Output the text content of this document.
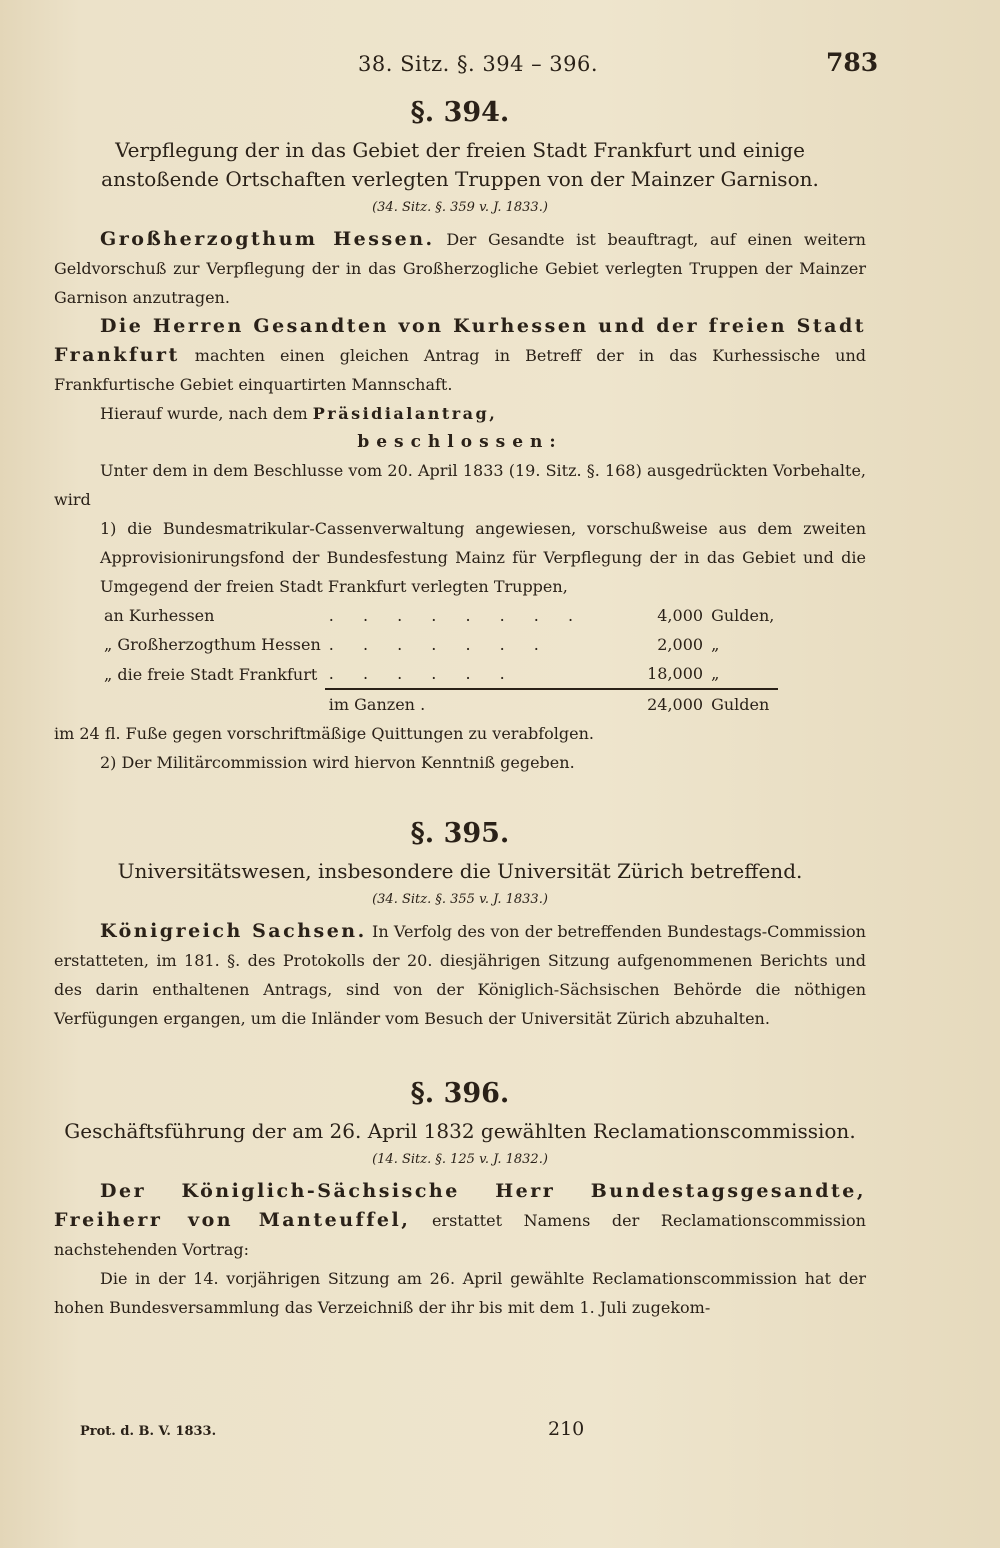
38. Sitz. §. 394 – 396.	783
§. 394.
Verpflegung der in das Gebiet der freien Stadt Frankfurt und einige anstoßende Ortschaften verlegten Truppen von der Mainzer Garnison.
(34. Sitz. §. 359 v. J. 1833.)

Großherzogthum Hessen. Der Gesandte ist beauftragt, auf einen weitern Geldvorschuß zur Verpflegung der in das Großherzogliche Gebiet verlegten Truppen der Mainzer Garnison anzutragen.

Die Herren Gesandten von Kurhessen und der freien Stadt Frankfurt machten einen gleichen Antrag in Betreff der in das Kurhessische und Frankfurtische Gebiet einquartirten Mannschaft.

Hierauf wurde, nach dem Präsidialantrag,

beschlossen:

Unter dem in dem Beschlusse vom 20. April 1833 (19. Sitz. §. 168) ausgedrückten Vorbehalte, wird

1) die Bundesmatrikular-Cassenverwaltung angewiesen, vorschußweise aus dem zweiten Approvisionirungsfond der Bundesfestung Mainz für Verpflegung der in das Gebiet und die Umgegend der freien Stadt Frankfurt verlegten Truppen,

an Kurhessen	. . . . . . . .	4,000	Gulden,
„ Großherzogthum Hessen	. . . . . . .	2,000	„
„ die freie Stadt Frankfurt	. . . . . .	18,000	„
	im Ganzen .	24,000	Gulden

im 24 fl. Fuße gegen vorschriftmäßige Quittungen zu verabfolgen.

2) Der Militärcommission wird hiervon Kenntniß gegeben.

§. 395.
Universitätswesen, insbesondere die Universität Zürich betreffend.
(34. Sitz. §. 355 v. J. 1833.)

Königreich Sachsen. In Verfolg des von der betreffenden Bundestags-Commission erstatteten, im 181. §. des Protokolls der 20. diesjährigen Sitzung aufgenommenen Berichts und des darin enthaltenen Antrags, sind von der Königlich-Sächsischen Behörde die nöthigen Verfügungen ergangen, um die Inländer vom Besuch der Universität Zürich abzuhalten.

§. 396.
Geschäftsführung der am 26. April 1832 gewählten Reclamationscommission.
(14. Sitz. §. 125 v. J. 1832.)

Der Königlich-Sächsische Herr Bundestagsgesandte, Freiherr von Manteuffel, erstattet Namens der Reclamationscommission nachstehenden Vortrag:

Die in der 14. vorjährigen Sitzung am 26. April gewählte Reclamationscommission hat der hohen Bundesversammlung das Verzeichniß der ihr bis mit dem 1. Juli zugekom-

Prot. d. B. V. 1833.	210
